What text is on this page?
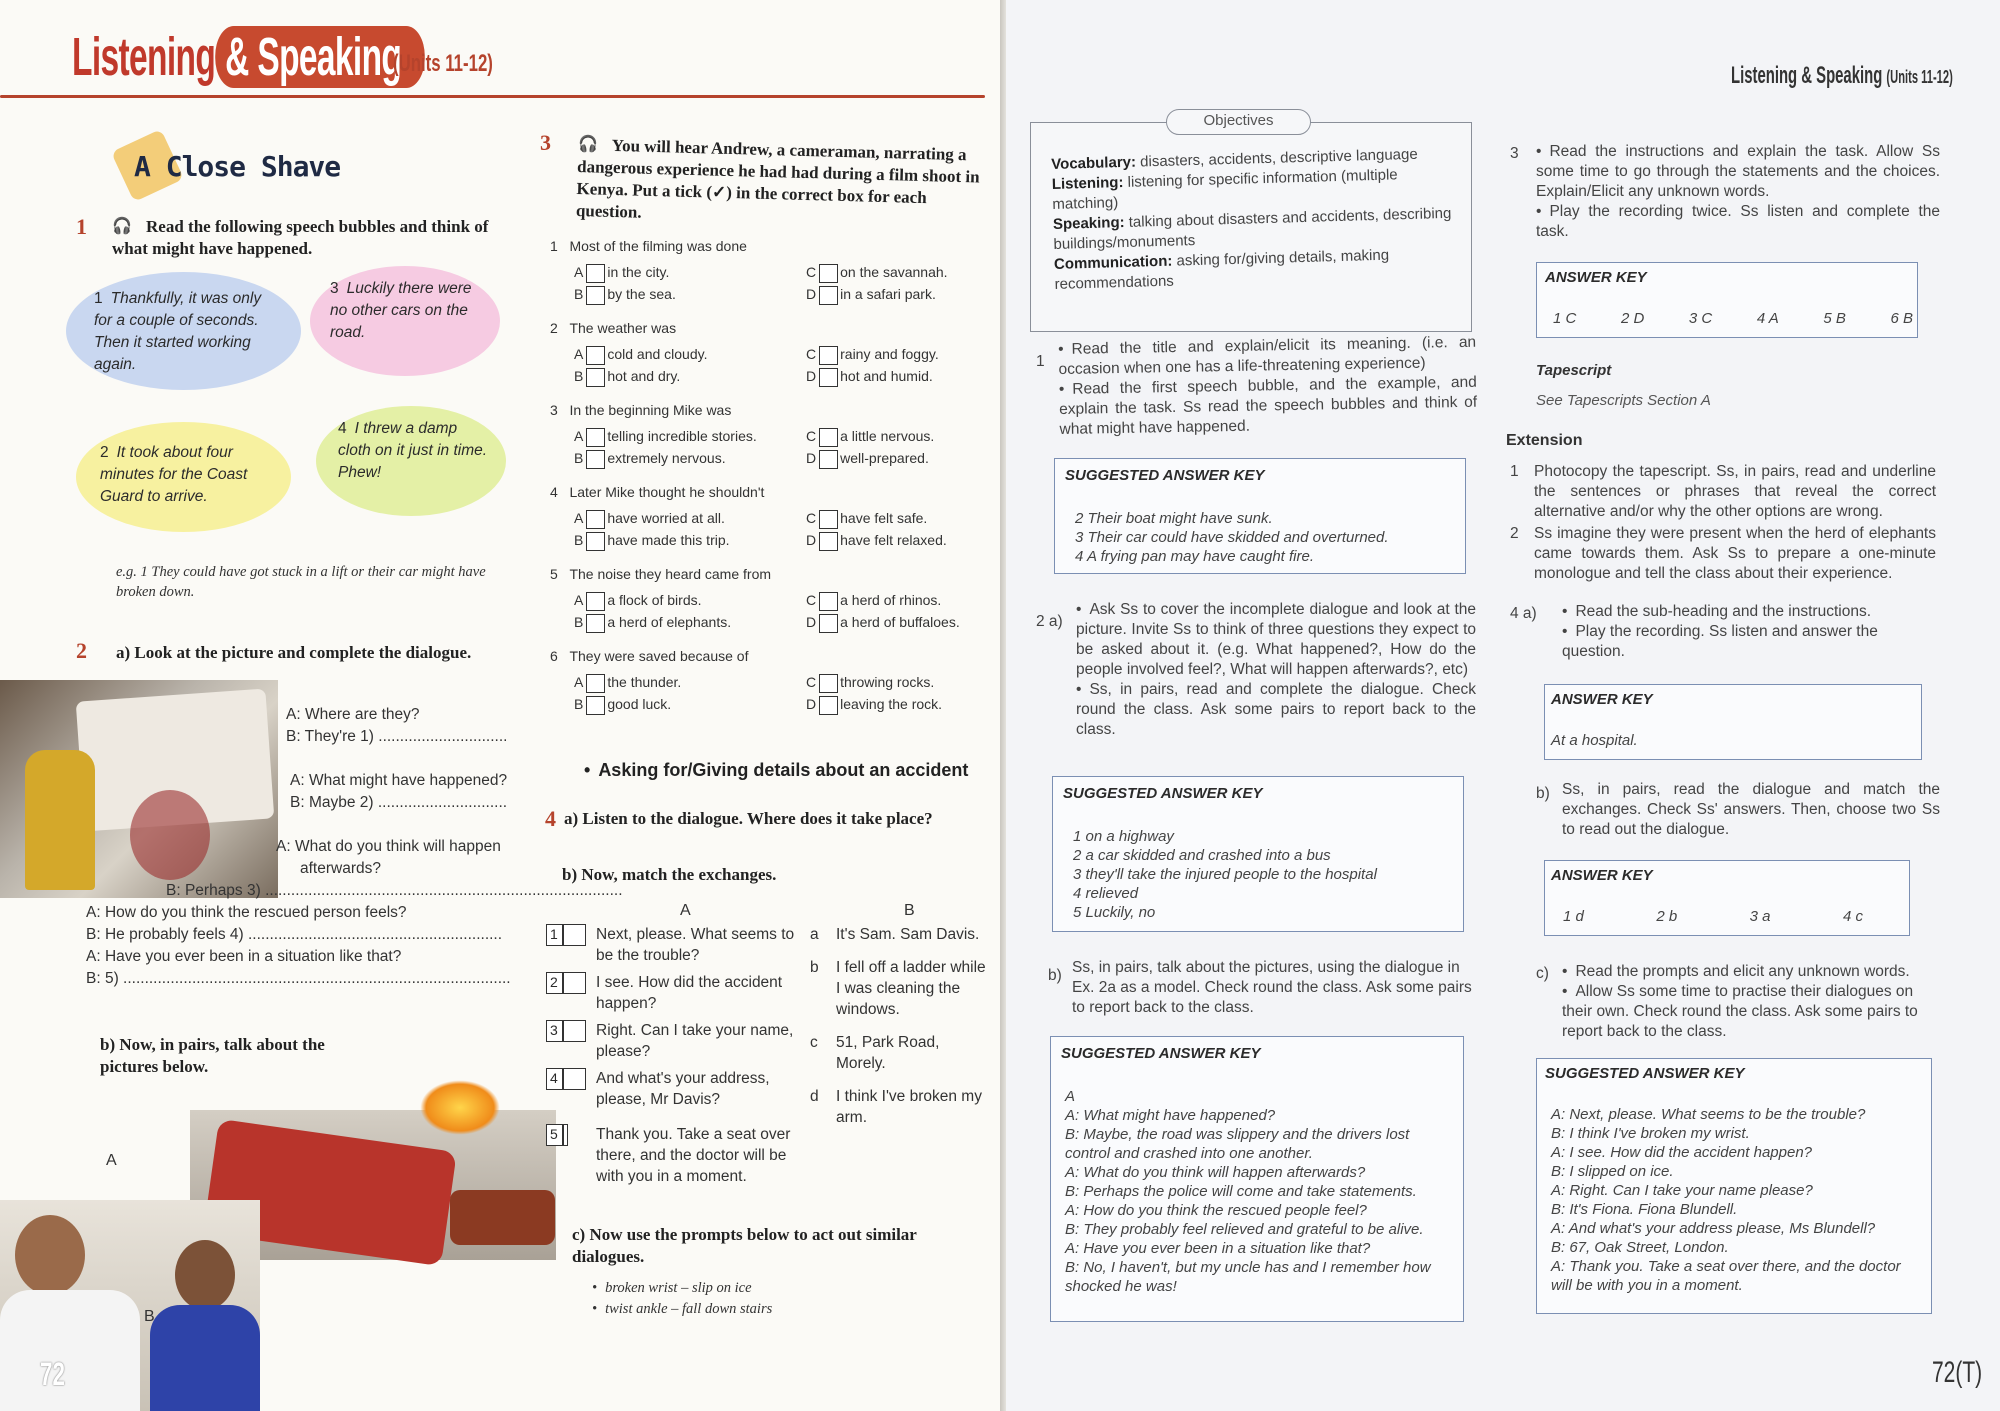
Listening & Speaking
(Units 11-12)
A Close Shave
1 🎧 Read the following speech bubbles and think of what might have happened.
1 Thankfully, it was only for a couple of seconds. Then it started working again.
3 Luckily there were no other cars on the road.
2 It took about four minutes for the Coast Guard to arrive.
4 I threw a damp cloth on it just in time. Phew!
e.g. 1 They could have got stuck in a lift or their car might have broken down.
2 a) Look at the picture and complete the dialogue.
A: Where are they?
B: They're 1) ..............................
A: What might have happened?
B: Maybe 2) ..............................
A: What do you think will happen
afterwards?
B: Perhaps 3) ...................................................................................
A: How do you think the rescued person feels?
B: He probably feels 4) ...........................................................
A: Have you ever been in a situation like that?
B: 5) ..........................................................................................
b) Now, in pairs, talk about the pictures below.
A
B
72
3 🎧 You will hear Andrew, a cameraman, narrating a dangerous experience he had had during a film shoot in Kenya. Put a tick (✓) in the correct box for each question.
1 Most of the filming was done
A in the city.
B by the sea.
C on the savannah.
D in a safari park.
2 The weather was
A cold and cloudy.
B hot and dry.
C rainy and foggy.
D hot and humid.
3 In the beginning Mike was
A telling incredible stories.
B extremely nervous.
C a little nervous.
D well-prepared.
4 Later Mike thought he shouldn't
A have worried at all.
B have made this trip.
C have felt safe.
D have felt relaxed.
5 The noise they heard came from
A a flock of birds.
B a herd of elephants.
C a herd of rhinos.
D a herd of buffaloes.
6 They were saved because of
A the thunder.
B good luck.
C throwing rocks.
D leaving the rock.
• Asking for/Giving details about an accident
4 a) Listen to the dialogue. Where does it take place?
b) Now, match the exchanges.
A	B
1	Next, please. What seems to be the trouble?
2	I see. How did the accident happen?
3	Right. Can I take your name, please?
4	And what's your address, please, Mr Davis?
5	Thank you. Take a seat over there, and the doctor will be with you in a moment.
a	It's Sam. Sam Davis.
b	I fell off a ladder while I was cleaning the windows.
c	51, Park Road, Morely.
d	I think I've broken my arm.
c) Now use the prompts below to act out similar dialogues.
• broken wrist – slip on ice
• twist ankle – fall down stairs
Listening & Speaking (Units 11-12)
Objectives
Vocabulary: disasters, accidents, descriptive language
Listening: listening for specific information (multiple matching)
Speaking: talking about disasters and accidents, describing buildings/monuments
Communication: asking for/giving details, making recommendations
1
• Read the title and explain/elicit its meaning. (i.e. an occasion when one has a life-threatening experience)
• Read the first speech bubble, and the example, and explain the task. Ss read the speech bubbles and think of what might have happened.
SUGGESTED ANSWER KEY
2 Their boat might have sunk.
3 Their car could have skidded and overturned.
4 A frying pan may have caught fire.
2 a)
• Ask Ss to cover the incomplete dialogue and look at the picture. Invite Ss to think of three questions they expect to be asked about it. (e.g. What happened?, How do the people involved feel?, What will happen afterwards?, etc)
• Ss, in pairs, read and complete the dialogue. Check round the class. Ask some pairs to report back to the class.
SUGGESTED ANSWER KEY
1 on a highway
2 a car skidded and crashed into a bus
3 they'll take the injured people to the hospital
4 relieved
5 Luckily, no
b) Ss, in pairs, talk about the pictures, using the dialogue in Ex. 2a as a model. Check round the class. Ask some pairs to report back to the class.
SUGGESTED ANSWER KEY
A
A: What might have happened?
B: Maybe, the road was slippery and the drivers lost control and crashed into one another.
A: What do you think will happen afterwards?
B: Perhaps the police will come and take statements.
A: How do you think the rescued people feel?
B: They probably feel relieved and grateful to be alive.
A: Have you ever been in a situation like that?
B: No, I haven't, but my uncle has and I remember how shocked he was!
3	• Read the instructions and explain the task. Allow Ss some time to go through the statements and the choices. Explain/Elicit any unknown words.
• Play the recording twice. Ss listen and complete the task.
ANSWER KEY
1 C	2 D	3 C	4 A	5 B	6 B
Tapescript
See Tapescripts Section A
Extension
1 Photocopy the tapescript. Ss, in pairs, read and underline the sentences or phrases that reveal the correct alternative and/or why the other options are wrong.
2 Ss imagine they were present when the herd of elephants came towards them. Ask Ss to prepare a one-minute monologue and tell the class about their experience.
4 a)	• Read the sub-heading and the instructions.
• Play the recording. Ss listen and answer the question.
ANSWER KEY
At a hospital.
b) Ss, in pairs, read the dialogue and match the exchanges. Check Ss' answers. Then, choose two Ss to read out the dialogue.
ANSWER KEY
1 d	2 b	3 a	4 c
c)	• Read the prompts and elicit any unknown words.
• Allow Ss some time to practise their dialogues on their own. Check round the class. Ask some pairs to report back to the class.
SUGGESTED ANSWER KEY
A: Next, please. What seems to be the trouble?
B: I think I've broken my wrist.
A: I see. How did the accident happen?
B: I slipped on ice.
A: Right. Can I take your name please?
B: It's Fiona. Fiona Blundell.
A: And what's your address please, Ms Blundell?
B: 67, Oak Street, London.
A: Thank you. Take a seat over there, and the doctor will be with you in a moment.
72(T)
